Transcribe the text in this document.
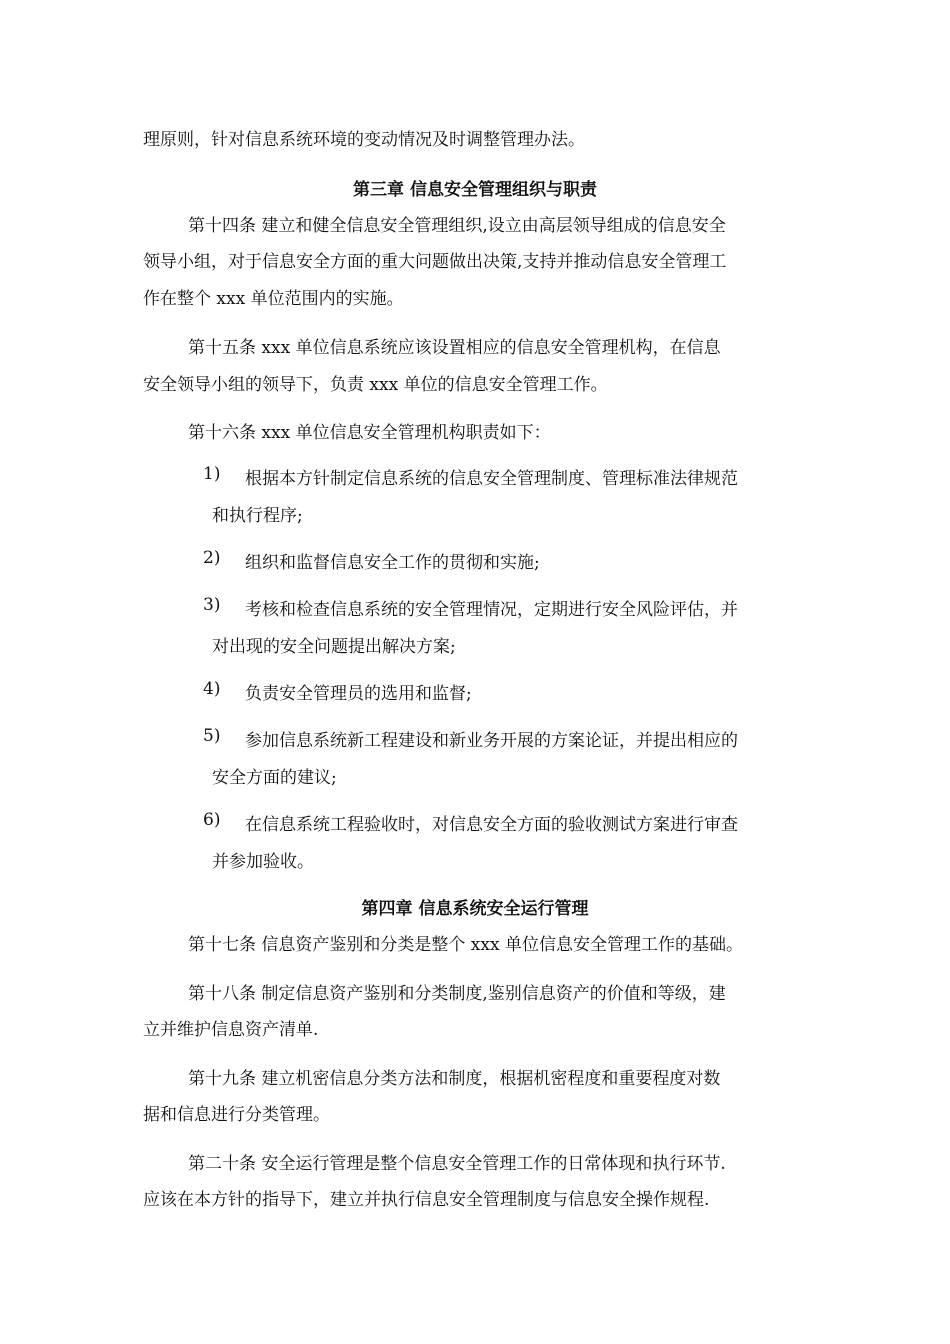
理原则，针对信息系统环境的变动情况及时调整管理办法。
第三章 信息安全管理组织与职责
第十四条 建立和健全信息安全管理组织,设立由高层领导组成的信息安全
领导小组，对于信息安全方面的重大问题做出决策,支持并推动信息安全管理工
作在整个 xxx 单位范围内的实施。
第十五条 xxx 单位信息系统应该设置相应的信息安全管理机构，在信息
安全领导小组的领导下，负责 xxx 单位的信息安全管理工作。
第十六条 xxx 单位信息安全管理机构职责如下：
1) 根据本方针制定信息系统的信息安全管理制度、管理标准法律规范
和执行程序;
2) 组织和监督信息安全工作的贯彻和实施;
3) 考核和检查信息系统的安全管理情况，定期进行安全风险评估，并
对出现的安全问题提出解决方案;
4) 负责安全管理员的选用和监督;
5) 参加信息系统新工程建设和新业务开展的方案论证，并提出相应的
安全方面的建议;
6) 在信息系统工程验收时，对信息安全方面的验收测试方案进行审查
并参加验收。
第四章 信息系统安全运行管理
第十七条 信息资产鉴别和分类是整个 xxx 单位信息安全管理工作的基础。
第十八条 制定信息资产鉴别和分类制度,鉴别信息资产的价值和等级，建
立并维护信息资产清单.
第十九条 建立机密信息分类方法和制度，根据机密程度和重要程度对数
据和信息进行分类管理。
第二十条 安全运行管理是整个信息安全管理工作的日常体现和执行环节.
应该在本方针的指导下，建立并执行信息安全管理制度与信息安全操作规程.
